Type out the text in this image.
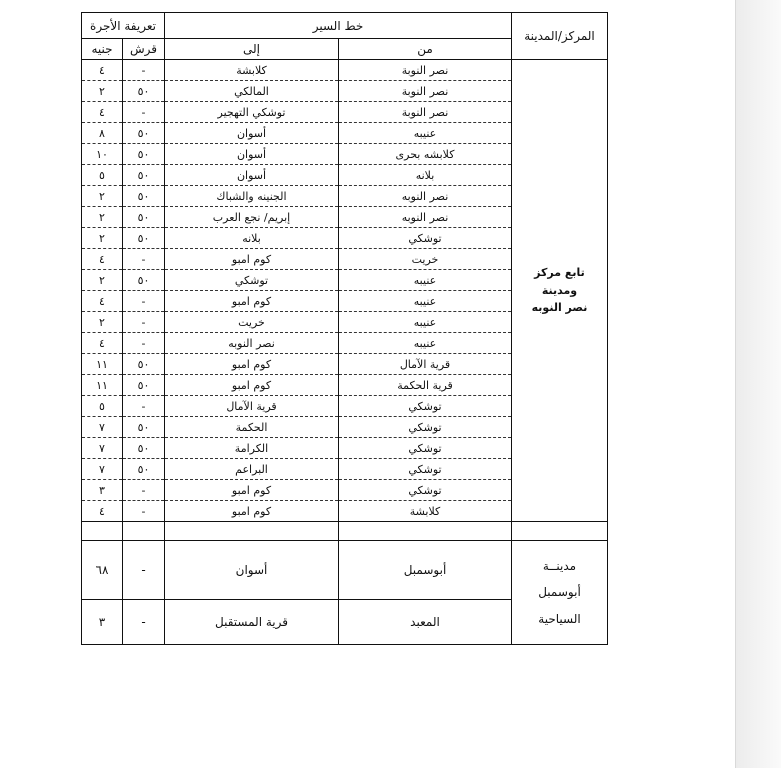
المركز/المدينة	خط السير		تعريفة الأجرة	
	من	إلى	قرش	جنيه

تابع مركز
ومدينة
نصر النوبه	نصر النوبة	كلابشة	-	٤
	نصر النوبة	المالكي	٥٠	٢
	نصر النوبة	توشكي التهجير	-	٤
	عنيبه	أسوان	٥٠	٨
	كلابشه بحرى	أسوان	٥٠	١٠
	بلانه	أسوان	٥٠	٥
	نصر النوبه	الجنينه والشباك	٥٠	٢
	نصر النوبه	إبريم/ نجع العرب	٥٠	٢
	توشكي	بلانه	٥٠	٢
	خريت	كوم امبو	-	٤
	عنيبه	توشكي	٥٠	٢
	عنيبه	كوم امبو	-	٤
	عنيبه	خريت	-	٢
	عنيبه	نصر النوبه	-	٤
	قرية الآمال	كوم امبو	٥٠	١١
	قرية الحكمة	كوم امبو	٥٠	١١
	توشكي	قرية الآمال	-	٥
	توشكي	الحكمة	٥٠	٧
	توشكي	الكرامة	٥٠	٧
	توشكي	البراعم	٥٠	٧
	توشكي	كوم امبو	-	٣
	كلابشة	كوم امبو	-	٤

مدينــة
أبوسمبل السياحية	أبوسمبل	أسوان	-	٦٨
	المعبد	قرية المستقبل	-	٣
